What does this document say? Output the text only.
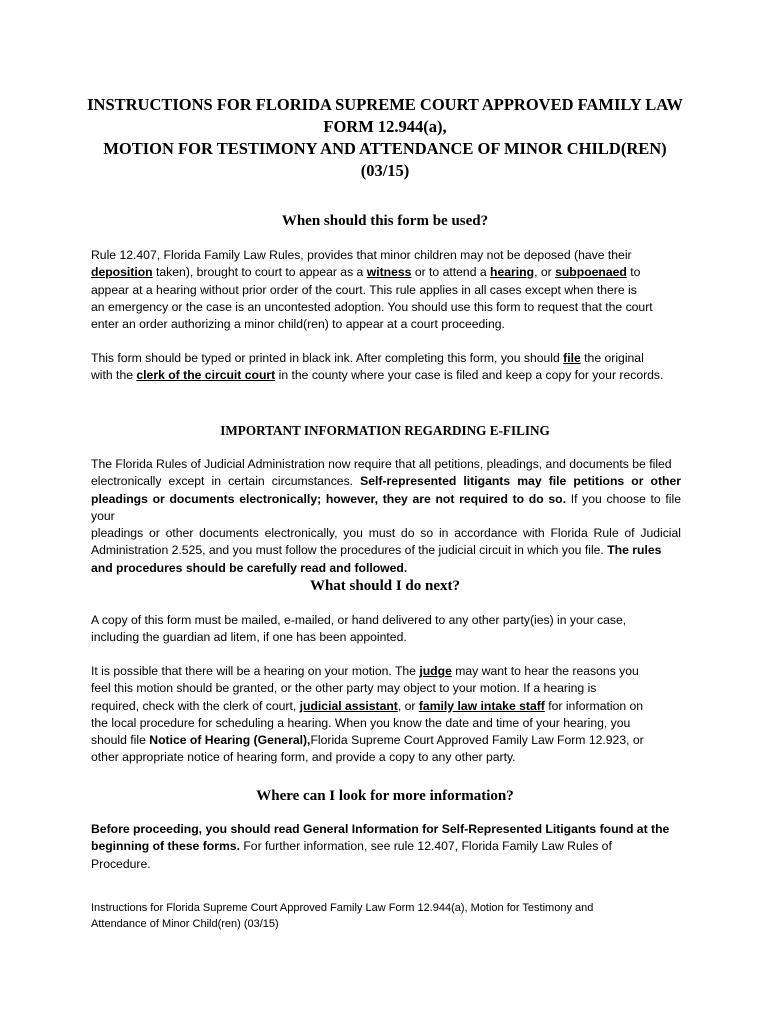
INSTRUCTIONS FOR FLORIDA SUPREME COURT APPROVED FAMILY LAW
FORM 12.944(a),
MOTION FOR TESTIMONY AND ATTENDANCE OF MINOR CHILD(REN)
(03/15)
When should this form be used?
Rule 12.407, Florida Family Law Rules, provides that minor children may not be deposed (have their
deposition taken), brought to court to appear as a witness or to attend a hearing, or subpoenaed to
appear at a hearing without prior order of the court. This rule applies in all cases except when there is
an emergency or the case is an uncontested adoption. You should use this form to request that the court
enter an order authorizing a minor child(ren) to appear at a court proceeding.
This form should be typed or printed in black ink. After completing this form, you should file the original
with the clerk of the circuit court in the county where your case is filed and keep a copy for your records.
IMPORTANT INFORMATION REGARDING E-FILING
The Florida Rules of Judicial Administration now require that all petitions, pleadings, and documents be filed
electronically except in certain circumstances. Self-represented litigants may file petitions or other
pleadings or documents electronically; however, they are not required to do so. If you choose to file your
pleadings or other documents electronically, you must do so in accordance with Florida Rule of Judicial
Administration 2.525, and you must follow the procedures of the judicial circuit in which you file. The rules
and procedures should be carefully read and followed.
What should I do next?
A copy of this form must be mailed, e-mailed, or hand delivered to any other party(ies) in your case,
including the guardian ad litem, if one has been appointed.
It is possible that there will be a hearing on your motion. The judge may want to hear the reasons you
feel this motion should be granted, or the other party may object to your motion. If a hearing is
required, check with the clerk of court, judicial assistant, or family law intake staff for information on
the local procedure for scheduling a hearing. When you know the date and time of your hearing, you
should file Notice of Hearing (General),Florida Supreme Court Approved Family Law Form 12.923, or
other appropriate notice of hearing form, and provide a copy to any other party.
Where can I look for more information?
Before proceeding, you should read General Information for Self-Represented Litigants found at the
beginning of these forms. For further information, see rule 12.407, Florida Family Law Rules of
Procedure.
Instructions for Florida Supreme Court Approved Family Law Form 12.944(a), Motion for Testimony and
Attendance of Minor Child(ren) (03/15)
